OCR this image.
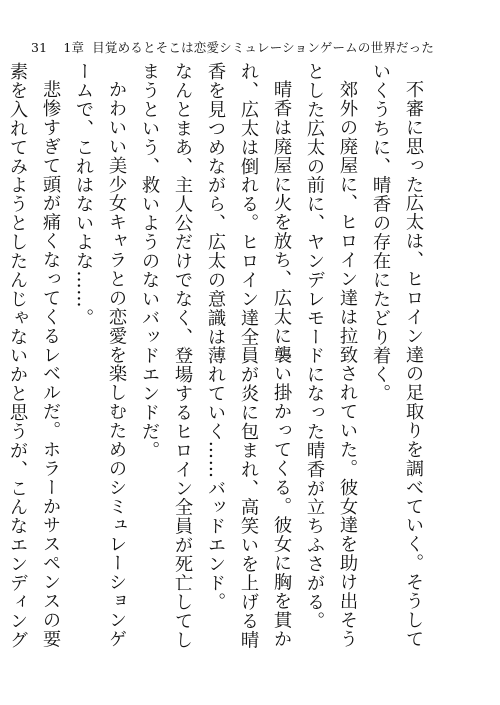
31 1章 目覚めるとそこは恋愛シミュレーションゲームの世界だった
不審に思った広太は、ヒロイン達の足取りを調べていく。そうしていくうちに、晴香の存在にたどり着く。
郊外の廃屋に、ヒロイン達は拉致されていた。彼女達を助け出そうとした広太の前に、ヤンデレモードになった晴香が立ちふさがる。
晴香は廃屋に火を放ち、広太に襲い掛かってくる。彼女に胸を貫かれ、広太は倒れる。ヒロイン達全員が炎に包まれ、高笑いを上げる晴香を見つめながら、広太の意識は薄れていく……バッドエンド。
なんとまあ、主人公だけでなく、登場するヒロイン全員が死亡してしまうという、救いようのないバッドエンドだ。
かわいい美少女キャラとの恋愛を楽しむためのシミュレーションゲームで、これはないよな……。
悲惨すぎて頭が痛くなってくるレベルだ。ホラーかサスペンスの要素を入れてみようとしたんじゃないかと思うが、こんなエンディング
